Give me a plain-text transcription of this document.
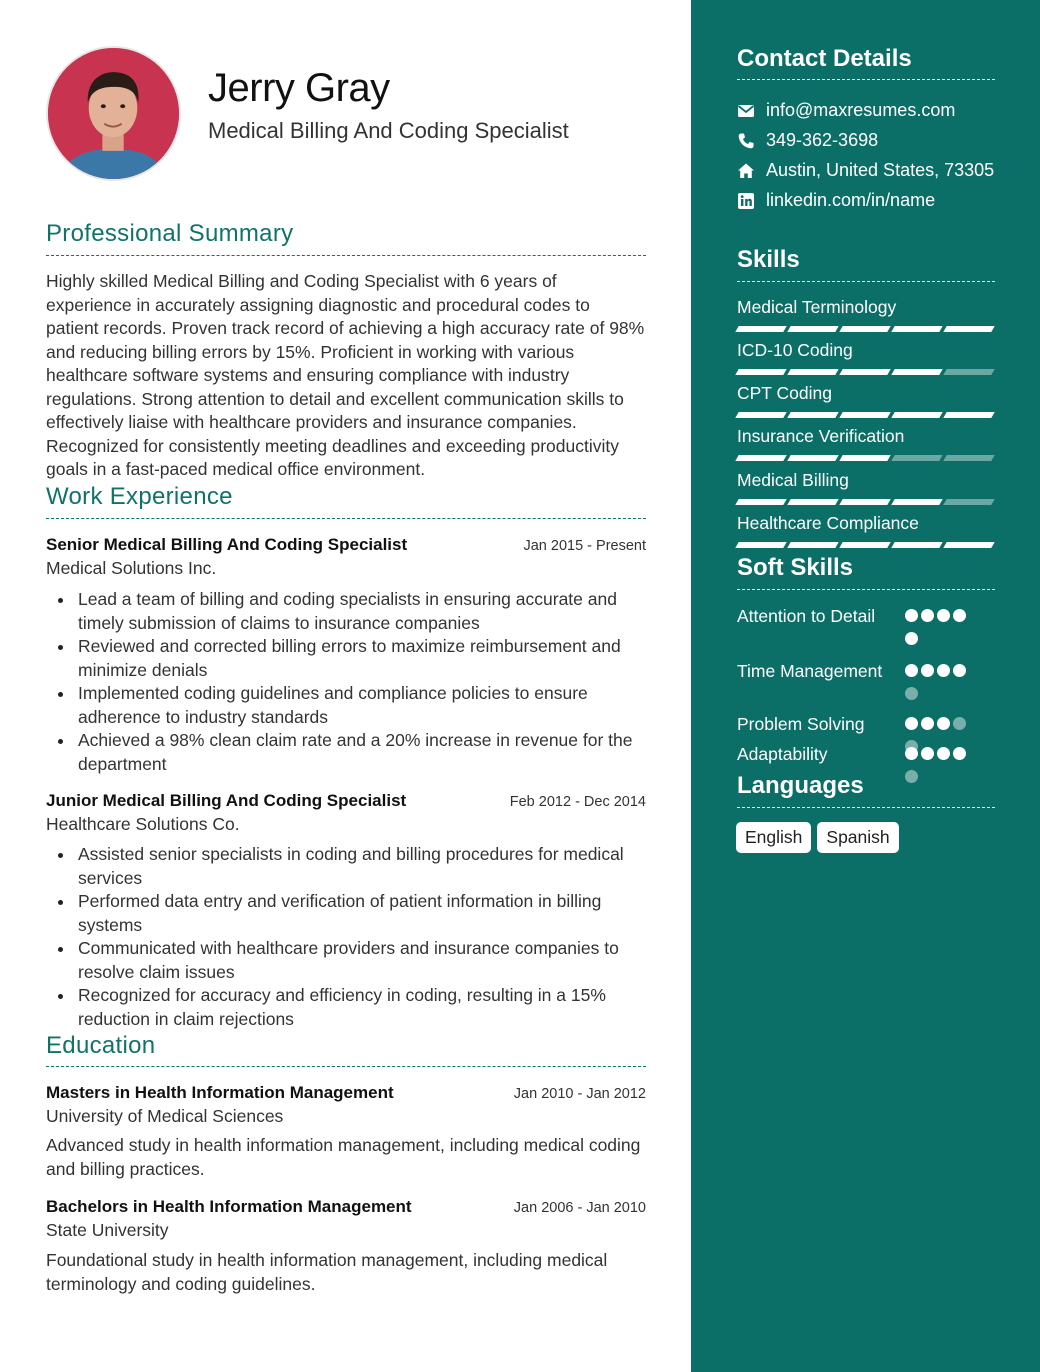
Jerry Gray
Medical Billing And Coding Specialist
Professional Summary
Highly skilled Medical Billing and Coding Specialist with 6 years of experience in accurately assigning diagnostic and procedural codes to patient records. Proven track record of achieving a high accuracy rate of 98% and reducing billing errors by 15%. Proficient in working with various healthcare software systems and ensuring compliance with industry regulations. Strong attention to detail and excellent communication skills to effectively liaise with healthcare providers and insurance companies. Recognized for consistently meeting deadlines and exceeding productivity goals in a fast-paced medical office environment.
Work Experience
Senior Medical Billing And Coding Specialist	Jan 2015 - Present
Medical Solutions Inc.
Lead a team of billing and coding specialists in ensuring accurate and timely submission of claims to insurance companies
Reviewed and corrected billing errors to maximize reimbursement and minimize denials
Implemented coding guidelines and compliance policies to ensure adherence to industry standards
Achieved a 98% clean claim rate and a 20% increase in revenue for the department
Junior Medical Billing And Coding Specialist	Feb 2012 - Dec 2014
Healthcare Solutions Co.
Assisted senior specialists in coding and billing procedures for medical services
Performed data entry and verification of patient information in billing systems
Communicated with healthcare providers and insurance companies to resolve claim issues
Recognized for accuracy and efficiency in coding, resulting in a 15% reduction in claim rejections
Education
Masters in Health Information Management	Jan 2010 - Jan 2012
University of Medical Sciences
Advanced study in health information management, including medical coding and billing practices.
Bachelors in Health Information Management	Jan 2006 - Jan 2010
State University
Foundational study in health information management, including medical terminology and coding guidelines.
Contact Details
info@maxresumes.com
349-362-3698
Austin, United States, 73305
linkedin.com/in/name
Skills
Medical Terminology
ICD-10 Coding
CPT Coding
Insurance Verification
Medical Billing
Healthcare Compliance
Soft Skills
Attention to Detail
Time Management
Problem Solving
Adaptability
Languages
English	Spanish
